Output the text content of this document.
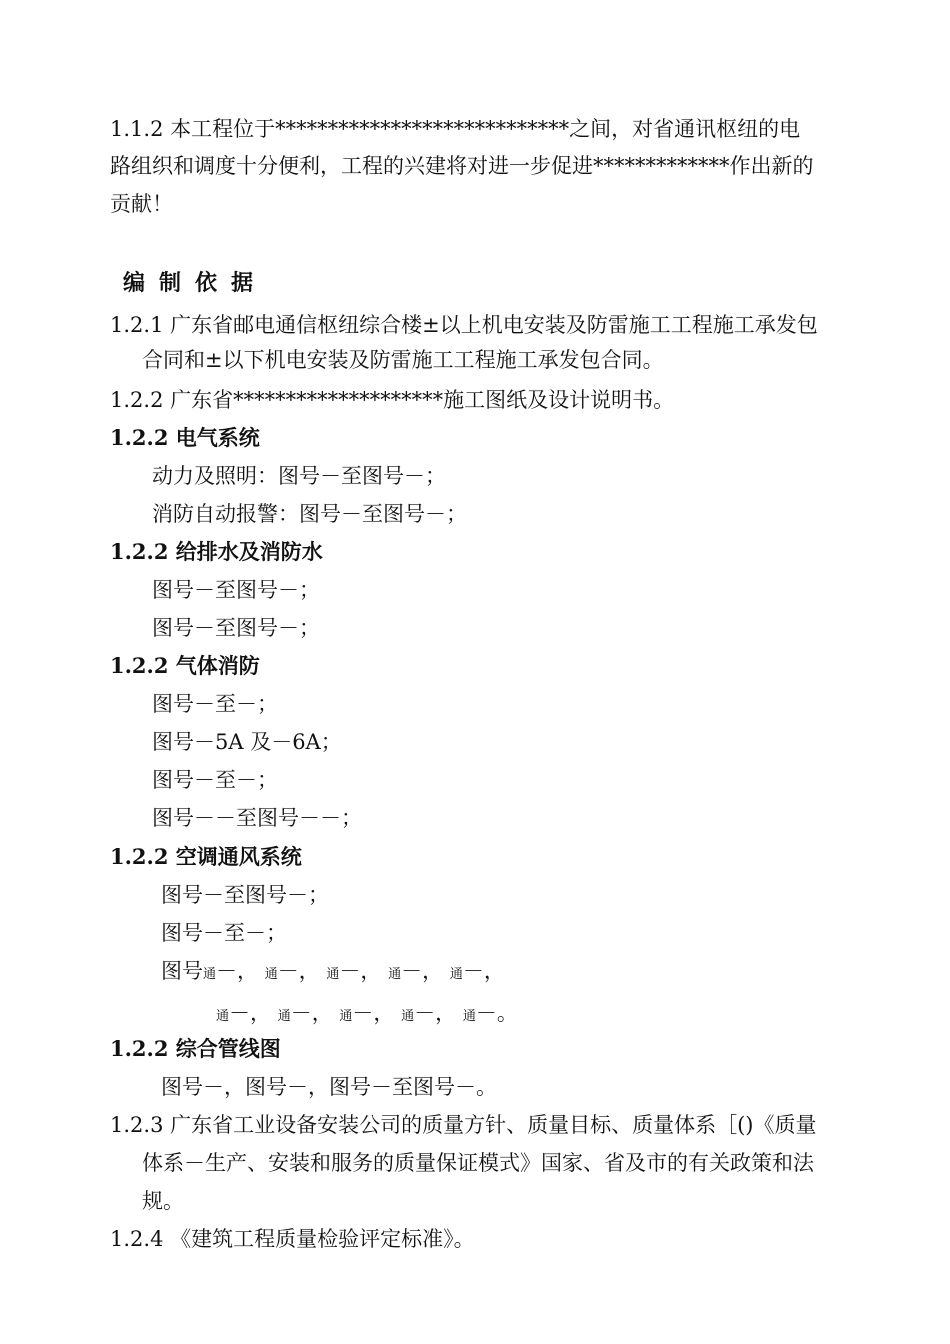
1.1.2 本工程位于****************************之间，对省通讯枢纽的电
路组织和调度十分便利，工程的兴建将对进一步促进*************作出新的
贡献！
编制依据
1.2.1 广东省邮电通信枢纽综合楼±以上机电安装及防雷施工工程施工承发包
合同和±以下机电安装及防雷施工工程施工承发包合同。
1.2.2 广东省********************施工图纸及设计说明书。
1.2.2 电气系统
动力及照明：图号－至图号－；
消防自动报警：图号－至图号－；
1.2.2 给排水及消防水
图号－至图号－；
图号－至图号－；
1.2.2 气体消防
图号－至－；
图号－5A 及－6A；
图号－至－；
图号－－至图号－－；
1.2.2 空调通风系统
图号－至图号－；
图号－至－；
图号通－， 通－， 通－， 通－， 通－，
通－， 通－， 通－， 通－， 通－。
1.2.2 综合管线图
图号－，图号－，图号－至图号－。
1.2.3 广东省工业设备安装公司的质量方针、质量目标、质量体系［()《质量
体系－生产、安装和服务的质量保证模式》国家、省及市的有关政策和法
规。
1.2.4 《建筑工程质量检验评定标准》。
